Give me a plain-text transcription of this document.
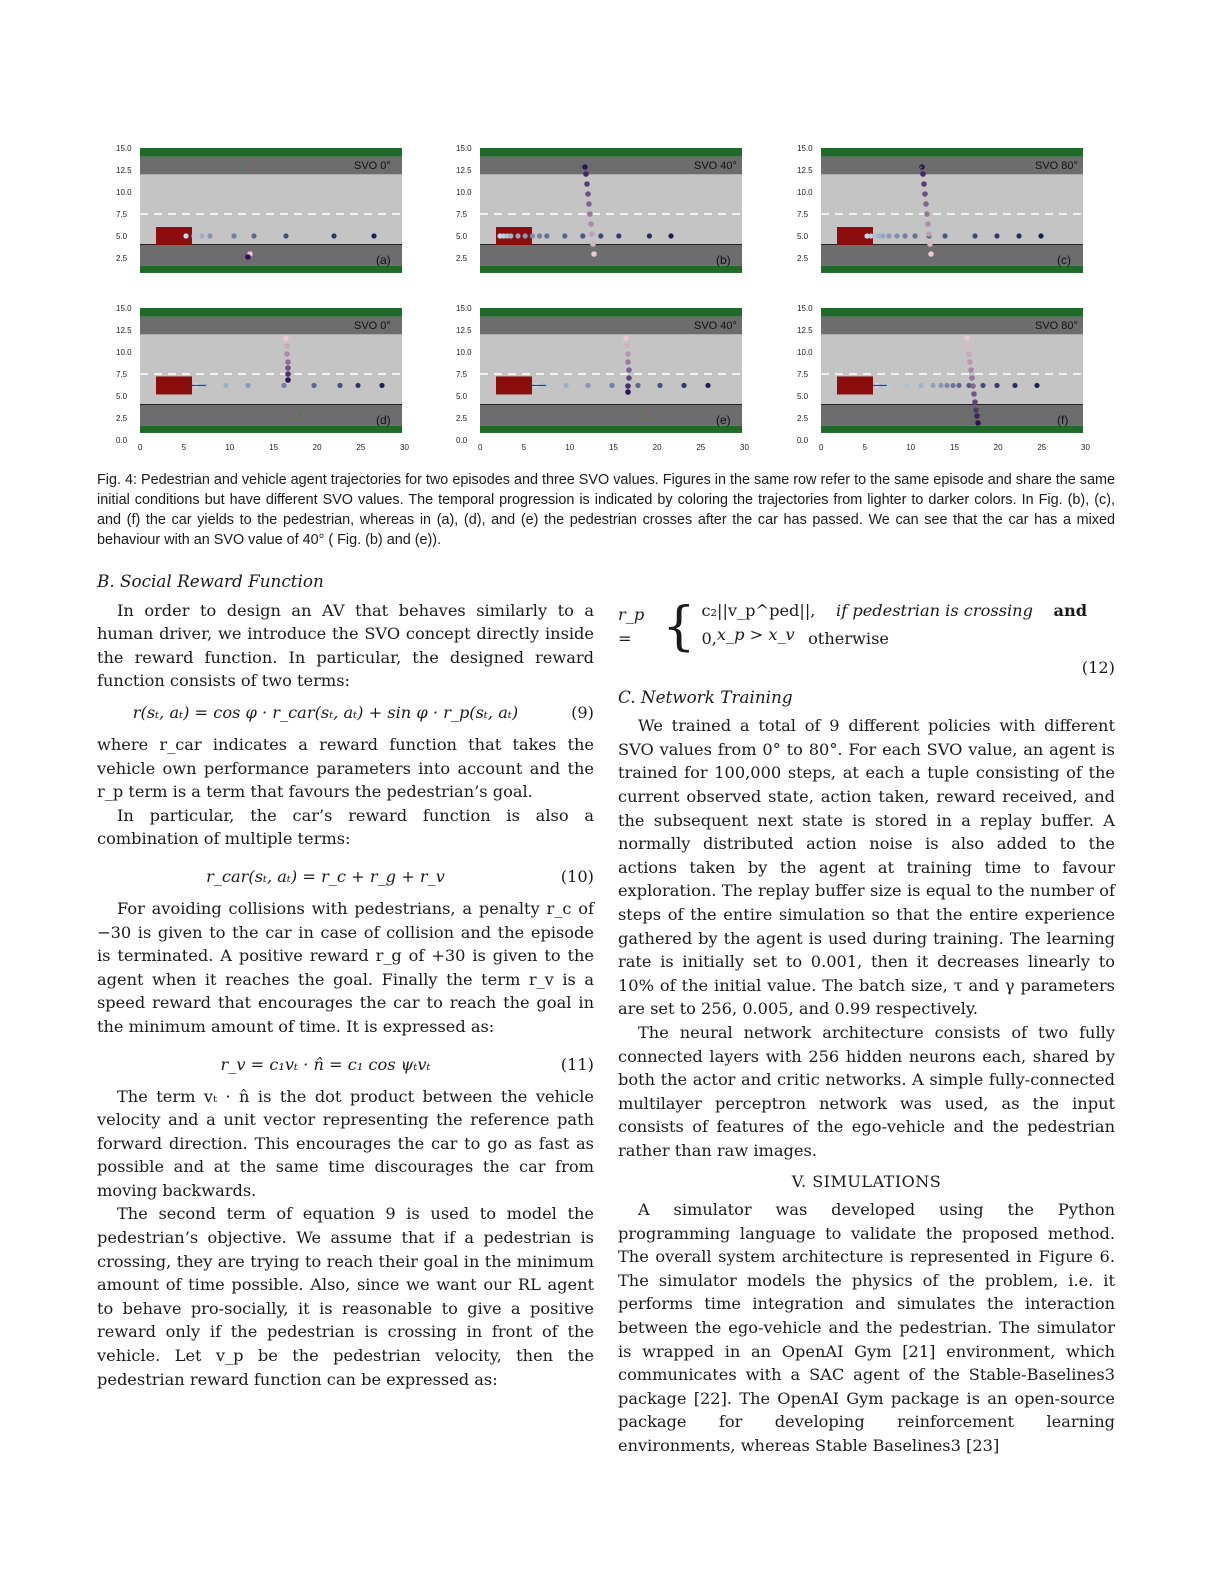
15.0
12.5
10.0
7.5
5.0
2.5
SVO 0°
(a)
15.0
12.5
10.0
7.5
5.0
2.5
SVO 40°
(b)
15.0
12.5
10.0
7.5
5.0
2.5
SVO 80°
(c)
15.0
12.5
10.0
7.5
5.0
2.5
0.0
0	5	10	15	20	25	30
SVO 0°
(d)
15.0
12.5
10.0
7.5
5.0
2.5
0.0
0	5	10	15	20	25	30
SVO 40°
(e)
15.0
12.5
10.0
7.5
5.0
2.5
0.0
0	5	10	15	20	25	30
SVO 80°
(f)
Fig. 4: Pedestrian and vehicle agent trajectories for two episodes and three SVO values. Figures in the same row refer to the same episode and share the same initial conditions but have different SVO values. The temporal progression is indicated by coloring the trajectories from lighter to darker colors. In Fig. (b), (c), and (f) the car yields to the pedestrian, whereas in (a), (d), and (e) the pedestrian crosses after the car has passed. We can see that the car has a mixed behaviour with an SVO value of 40° ( Fig. (b) and (e)).
B. Social Reward Function

In order to design an AV that behaves similarly to a human driver, we introduce the SVO concept directly inside the reward function. In particular, the designed reward function consists of two terms:

r(sₜ, aₜ) = cos φ · r_car(sₜ, aₜ) + sin φ · r_p(sₜ, aₜ)	(9)

where r_car indicates a reward function that takes the vehicle own performance parameters into account and the r_p term is a term that favours the pedestrian’s goal.

In particular, the car’s reward function is also a combination of multiple terms:

r_car(sₜ, aₜ) = r_c + r_g + r_v	(10)

For avoiding collisions with pedestrians, a penalty r_c of −30 is given to the car in case of collision and the episode is terminated. A positive reward r_g of +30 is given to the agent when it reaches the goal. Finally the term r_v is a speed reward that encourages the car to reach the goal in the minimum amount of time. It is expressed as:

r_v = c₁vₜ · n̂ = c₁ cos ψₜvₜ	(11)

The term vₜ · n̂ is the dot product between the vehicle velocity and a unit vector representing the reference path forward direction. This encourages the car to go as fast as possible and at the same time discourages the car from moving backwards.

The second term of equation 9 is used to model the pedestrian’s objective. We assume that if a pedestrian is crossing, they are trying to reach their goal in the minimum amount of time possible. Also, since we want our RL agent to behave pro-socially, it is reasonable to give a positive reward only if the pedestrian is crossing in front of the vehicle. Let v_p be the pedestrian velocity, then the pedestrian reward function can be expressed as:

r_p = { c₂||v_p^ped||, if pedestrian is crossing and    x_p > x_v
0,	otherwise
(12)
C. Network Training

We trained a total of 9 different policies with different SVO values from 0° to 80°. For each SVO value, an agent is trained for 100,000 steps, at each a tuple consisting of the current observed state, action taken, reward received, and the subsequent next state is stored in a replay buffer. A normally distributed action noise is also added to the actions taken by the agent at training time to favour exploration. The replay buffer size is equal to the number of steps of the entire simulation so that the entire experience gathered by the agent is used during training. The learning rate is initially set to 0.001, then it decreases linearly to 10% of the initial value. The batch size, τ and γ parameters are set to 256, 0.005, and 0.99 respectively.

The neural network architecture consists of two fully connected layers with 256 hidden neurons each, shared by both the actor and critic networks. A simple fully-connected multilayer perceptron network was used, as the input consists of features of the ego-vehicle and the pedestrian rather than raw images.

V. SIMULATIONS

A simulator was developed using the Python programming language to validate the proposed method. The overall system architecture is represented in Figure 6. The simulator models the physics of the problem, i.e. it performs time integration and simulates the interaction between the ego-vehicle and the pedestrian. The simulator is wrapped in an OpenAI Gym [21] environment, which communicates with a SAC agent of the Stable-Baselines3 package [22]. The OpenAI Gym package is an open-source package for developing reinforcement learning environments, whereas Stable Baselines3 [23]
